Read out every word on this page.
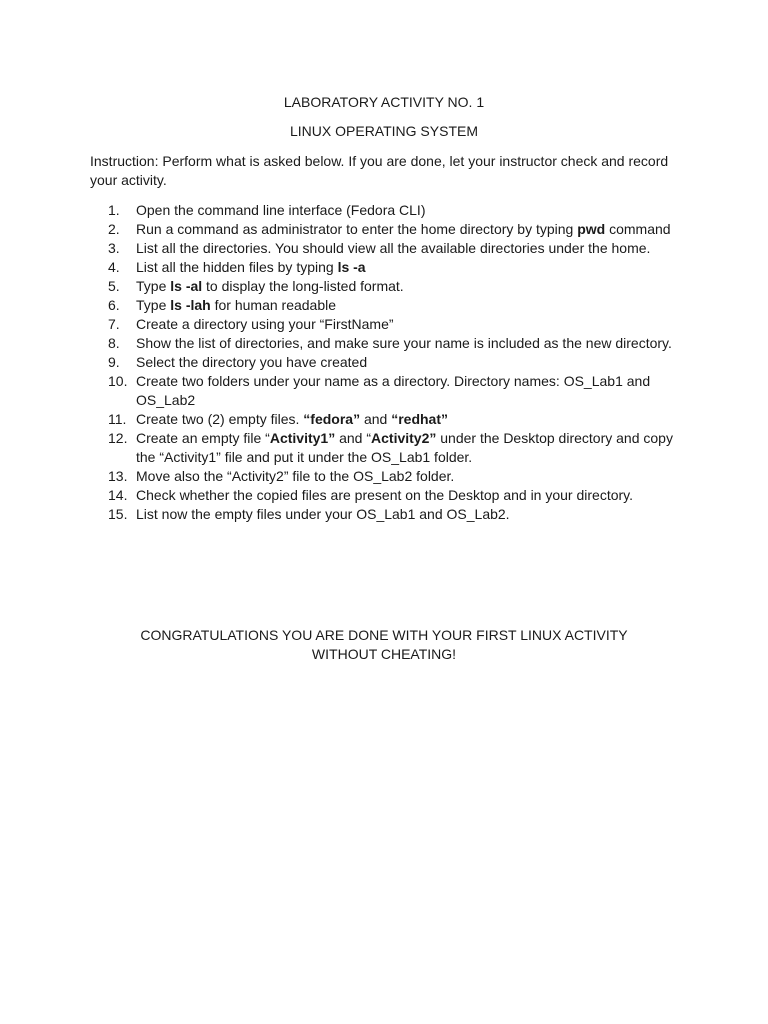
LABORATORY ACTIVITY NO. 1
LINUX OPERATING SYSTEM
Instruction: Perform what is asked below. If you are done, let your instructor check and record your activity.
1.	Open the command line interface (Fedora CLI)
2.	Run a command as administrator to enter the home directory by typing pwd command
3.	List all the directories. You should view all the available directories under the home.
4.	List all the hidden files by typing ls -a
5.	Type ls -al to display the long-listed format.
6.	Type ls -lah for human readable
7.	Create a directory using your “FirstName”
8.	Show the list of directories, and make sure your name is included as the new directory.
9.	Select the directory you have created
10. Create two folders under your name as a directory. Directory names: OS_Lab1 and OS_Lab2
11. Create two (2) empty files. “fedora” and “redhat”
12. Create an empty file “Activity1” and “Activity2” under the Desktop directory and copy the “Activity1” file and put it under the OS_Lab1 folder.
13. Move also the “Activity2” file to the OS_Lab2 folder.
14. Check whether the copied files are present on the Desktop and in your directory.
15. List now the empty files under your OS_Lab1 and OS_Lab2.
CONGRATULATIONS YOU ARE DONE WITH YOUR FIRST LINUX ACTIVITY
WITHOUT CHEATING!
